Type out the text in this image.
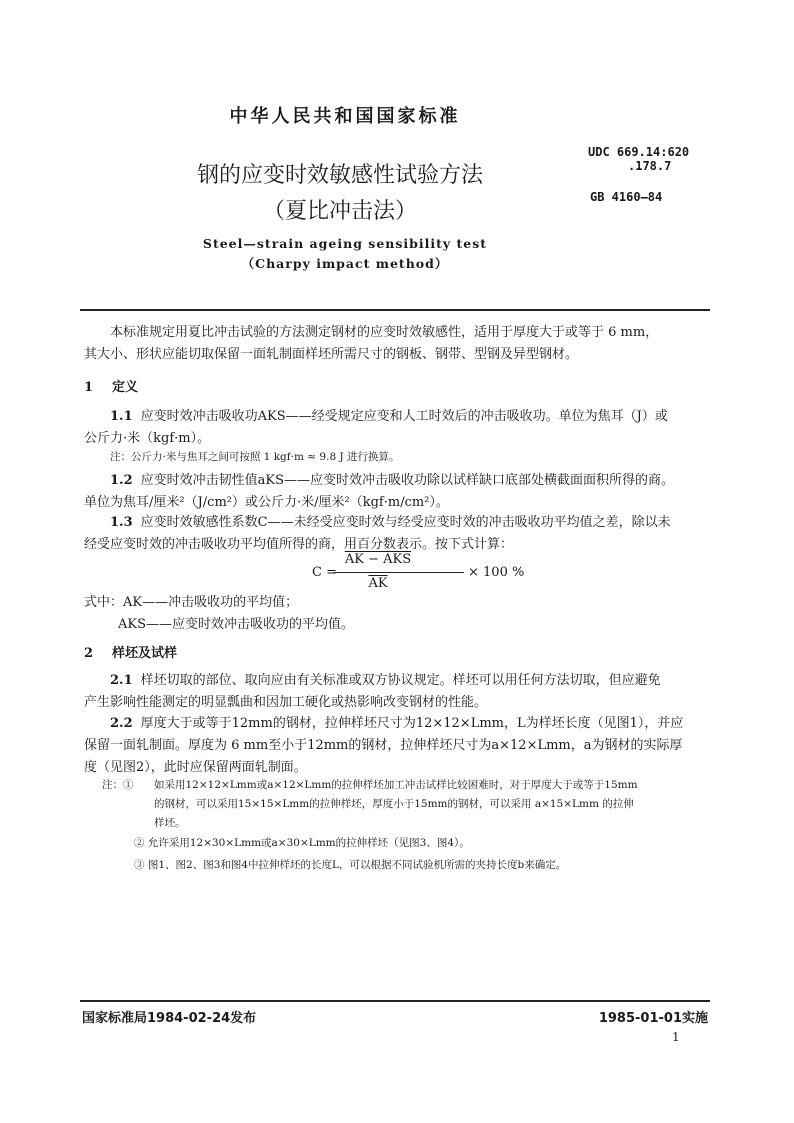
中华人民共和国国家标准
钢的应变时效敏感性试验方法
（夏比冲击法）
UDC 669.14:620
.178.7
GB 4160—84
Steel—strain ageing sensibility test
（Charpy impact method）
本标准规定用夏比冲击试验的方法测定钢材的应变时效敏感性，适用于厚度大于或等于 6 mm，
其大小、形状应能切取保留一面轧制面样坯所需尺寸的钢板、钢带、型钢及异型钢材。
1 定义
1.1 应变时效冲击吸收功AKS——经受规定应变和人工时效后的冲击吸收功。单位为焦耳（J）或
公斤力·米（kgf·m）。
注：公斤力·米与焦耳之间可按照 1 kgf·m ≈ 9.8 J 进行换算。
1.2 应变时效冲击韧性值aKS——应变时效冲击吸收功除以试样缺口底部处横截面面积所得的商。
单位为焦耳/厘米²（J/cm²）或公斤力·米/厘米²（kgf·m/cm²）。
1.3 应变时效敏感性系数C——未经受应变时效与经受应变时效的冲击吸收功平均值之差，除以未
经受应变时效的冲击吸收功平均值所得的商，用百分数表示。按下式计算：
C =
AK − AKS
$\overline{AK}$
× 100 %
式中：AK——冲击吸收功的平均值；
AKS——应变时效冲击吸收功的平均值。
2 样坯及试样
2.1 样坯切取的部位、取向应由有关标准或双方协议规定。样坯可以用任何方法切取，但应避免
产生影响性能测定的明显瓢曲和因加工硬化或热影响改变钢材的性能。
2.2 厚度大于或等于12mm的钢材，拉伸样坯尺寸为12×12×Lmm，L为样坯长度（见图1），并应
保留一面轧制面。厚度为 6 mm至小于12mm的钢材，拉伸样坯尺寸为a×12×Lmm，a为钢材的实际厚
度（见图2），此时应保留两面轧制面。
注：① 如采用12×12×Lmm或a×12×Lmm的拉伸样坯加工冲击试样比较困难时，对于厚度大于或等于15mm
的钢材，可以采用15×15×Lmm的拉伸样坯，厚度小于15mm的钢材，可以采用 a×15×Lmm 的拉伸
样坯。
② 允许采用12×30×Lmm或a×30×Lmm的拉伸样坯（见图3、图4）。
③ 图1、图2、图3和图4中拉伸样坯的长度L，可以根据不同试验机所需的夹持长度b来确定。
国家标准局1984-02-24发布	1985-01-01实施
1
